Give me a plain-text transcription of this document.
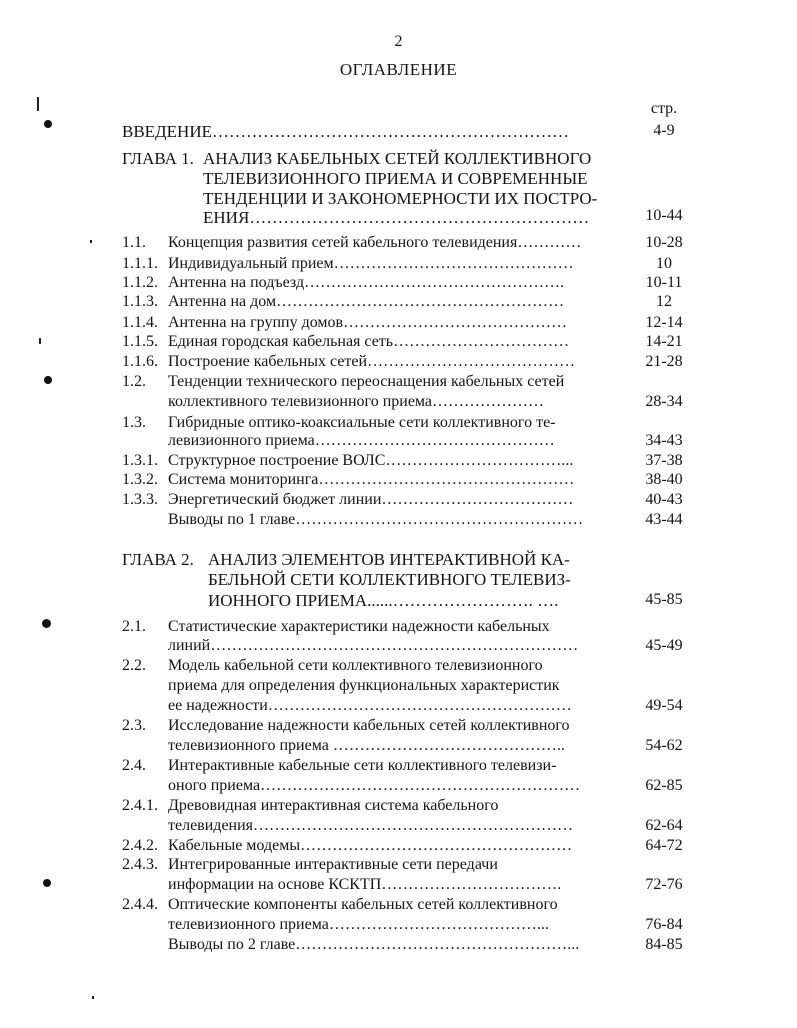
2
ОГЛАВЛЕНИЕ
стр.
ВВЕДЕНИЕ………………………………………………………	4-9
ГЛАВА 1. АНАЛИЗ КАБЕЛЬНЫХ СЕТЕЙ КОЛЛЕКТИВНОГО
ТЕЛЕВИЗИОННОГО ПРИЕМА И СОВРЕМЕННЫЕ
ТЕНДЕНЦИИ И ЗАКОНОМЕРНОСТИ ИХ ПОСТРО-
ЕНИЯ……………………………………………………	10-44
1.1. Концепция развития сетей кабельного телевидения…………	10-28
1.1.1. Индивидуальный прием………………………………………	10
1.1.2. Антенна на подъезд………………………………………….	10-11
1.1.3. Антенна на дом………………………………………………	12
1.1.4. Антенна на группу домов……………………………………	12-14
1.1.5. Единая городская кабельная сеть……………………………	14-21
1.1.6. Построение кабельных сетей…………………………………	21-28
1.2. Тенденции технического переоснащения кабельных сетей
коллективного телевизионного приема…………………	28-34
1.3. Гибридные оптико-коаксиальные сети коллективного те-
левизионного приема………………………………………	34-43
1.3.1. Структурное построение ВОЛС……………………………...	37-38
1.3.2. Система мониторинга…………………………………………	38-40
1.3.3. Энергетический бюджет линии………………………………	40-43
Выводы по 1 главе………………………………………………	43-44
ГЛАВА 2. АНАЛИЗ ЭЛЕМЕНТОВ ИНТЕРАКТИВНОЙ КА-
БЕЛЬНОЙ СЕТИ КОЛЛЕКТИВНОГО ТЕЛЕВИЗ-
ИОННОГО ПРИЕМА......……………………. ….	45-85
2.1. Статистические характеристики надежности кабельных
линий……………………………………………………………	45-49
2.2. Модель кабельной сети коллективного телевизионного
приема для определения функциональных характеристик
ее надежности…………………………………………………	49-54
2.3. Исследование надежности кабельных сетей коллективного
телевизионного приема ……………………………………..	54-62
2.4. Интерактивные кабельные сети коллективного телевизи-
оного приема……………………………………………………	62-85
2.4.1. Древовидная интерактивная система кабельного
телевидения……………………………………………………	62-64
2.4.2. Кабельные модемы……………………………………………	64-72
2.4.3. Интегрированные интерактивные сети передачи
информации на основе КСКТП…………………………….	72-76
2.4.4. Оптические компоненты кабельных сетей коллективного
телевизионного приема…………………………………...	76-84
Выводы по 2 главе……………………………………………...	84-85
